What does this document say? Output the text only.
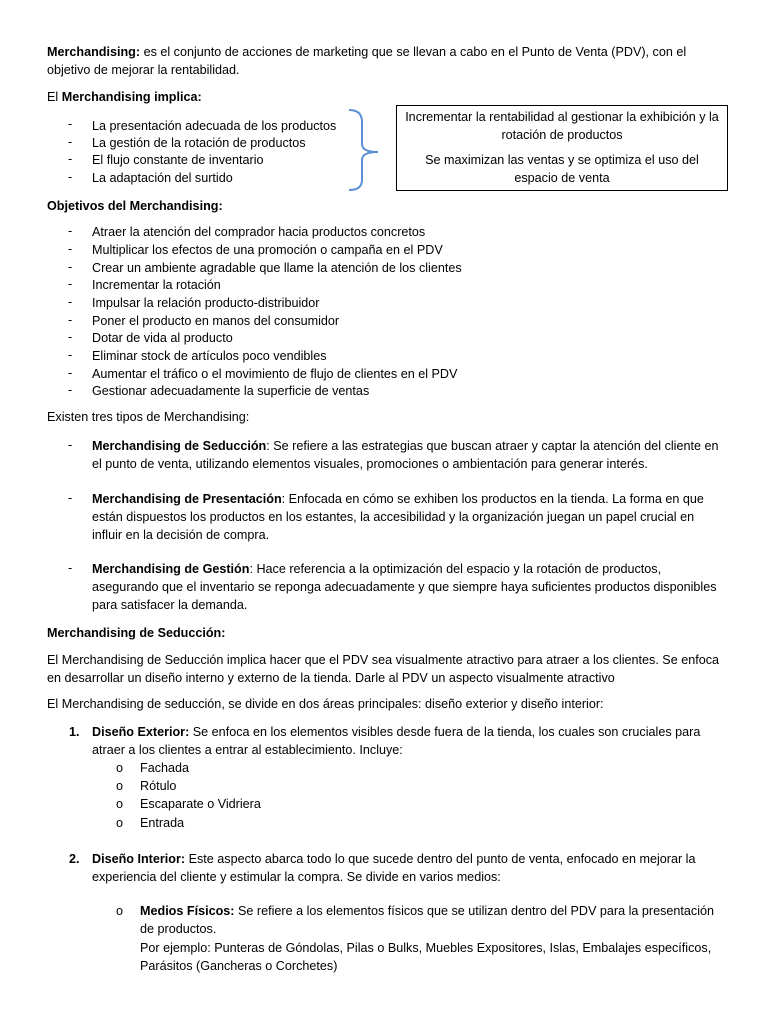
Merchandising: es el conjunto de acciones de marketing que se llevan a cabo en el Punto de Venta (PDV), con el objetivo de mejorar la rentabilidad.

El Merchandising implica:

- La presentación adecuada de los productos
- La gestión de la rotación de productos
- El flujo constante de inventario
- La adaptación del surtido

Incrementar la rentabilidad al gestionar la exhibición y la rotación de productos

Se maximizan las ventas y se optimiza el uso del espacio de venta

Objetivos del Merchandising:

- Atraer la atención del comprador hacia productos concretos
- Multiplicar los efectos de una promoción o campaña en el PDV
- Crear un ambiente agradable que llame la atención de los clientes
- Incrementar la rotación
- Impulsar la relación producto-distribuidor
- Poner el producto en manos del consumidor
- Dotar de vida al producto
- Eliminar stock de artículos poco vendibles
- Aumentar el tráfico o el movimiento de flujo de clientes en el PDV
- Gestionar adecuadamente la superficie de ventas

Existen tres tipos de Merchandising:

- Merchandising de Seducción: Se refiere a las estrategias que buscan atraer y captar la atención del cliente en el punto de venta, utilizando elementos visuales, promociones o ambientación para generar interés.

- Merchandising de Presentación: Enfocada en cómo se exhiben los productos en la tienda. La forma en que están dispuestos los productos en los estantes, la accesibilidad y la organización juegan un papel crucial en influir en la decisión de compra.

- Merchandising de Gestión: Hace referencia a la optimización del espacio y la rotación de productos, asegurando que el inventario se reponga adecuadamente y que siempre haya suficientes productos disponibles para satisfacer la demanda.

Merchandising de Seducción:

El Merchandising de Seducción implica hacer que el PDV sea visualmente atractivo para atraer a los clientes. Se enfoca en desarrollar un diseño interno y externo de la tienda. Darle al PDV un aspecto visualmente atractivo

El Merchandising de seducción, se divide en dos áreas principales: diseño exterior y diseño interior:

1. Diseño Exterior: Se enfoca en los elementos visibles desde fuera de la tienda, los cuales son cruciales para atraer a los clientes a entrar al establecimiento. Incluye:

o Fachada
o Rótulo
o Escaparate o Vidriera
o Entrada
2. Diseño Interior: Este aspecto abarca todo lo que sucede dentro del punto de venta, enfocado en mejorar la experiencia del cliente y estimular la compra. Se divide en varios medios:

o Medios Físicos: Se refiere a los elementos físicos que se utilizan dentro del PDV para la presentación de productos.

Por ejemplo: Punteras de Góndolas, Pilas o Bulks, Muebles Expositores, Islas, Embalajes específicos, Parásitos (Gancheras o Corchetes)
